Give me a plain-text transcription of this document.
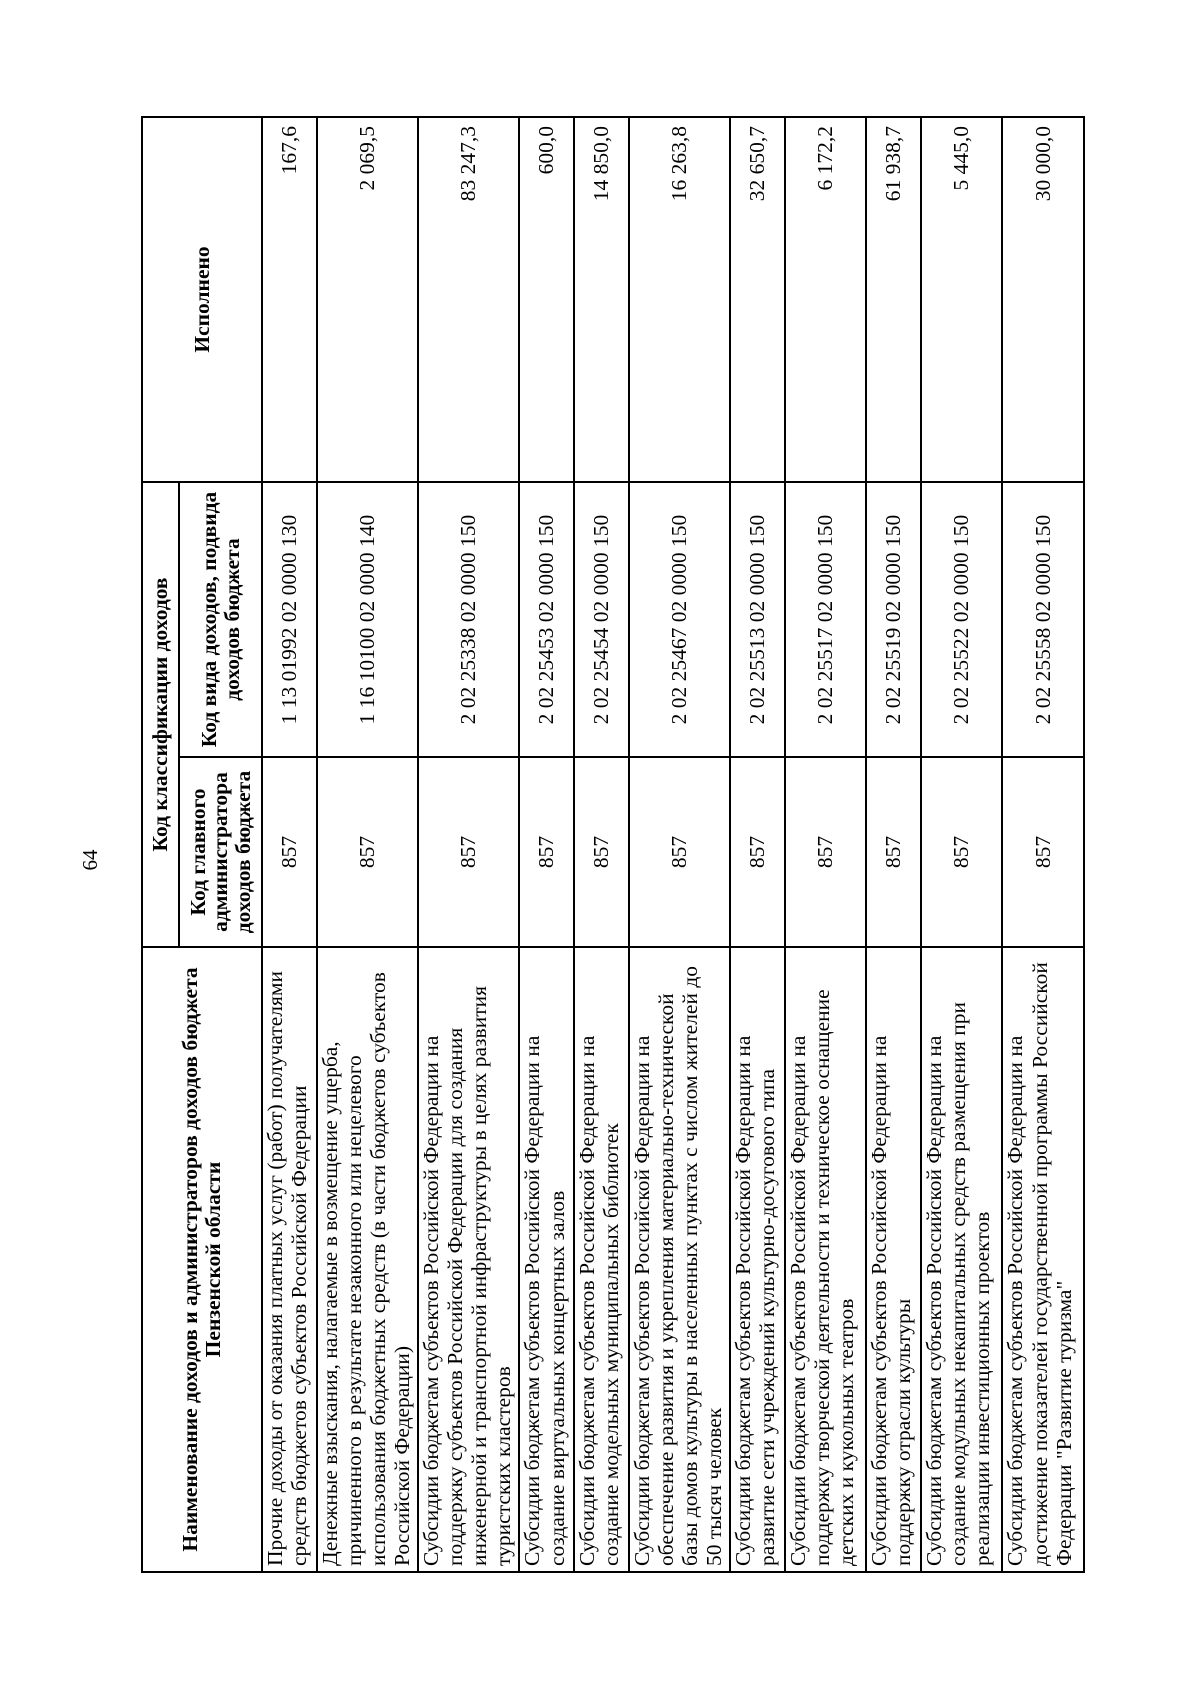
64
Наименование доходов и администраторов доходов бюджета Пензенской области	Код классификации доходов		Исполнено
	Код главного администратора доходов бюджета	Код вида доходов, подвида доходов бюджета	
Прочие доходы от оказания платных услуг (работ) получателями средств бюджетов субъектов Российской Федерации	857	1 13 01992 02 0000 130	167,6
Денежные взыскания, налагаемые в возмещение ущерба, причиненного в результате незаконного или нецелевого использования бюджетных средств (в части бюджетов субъектов Российской Федерации)	857	1 16 10100 02 0000 140	2 069,5
Субсидии бюджетам субъектов Российской Федерации на поддержку субъектов Российской Федерации для создания инженерной и транспортной инфраструктуры в целях развития туристских кластеров	857	2 02 25338 02 0000 150	83 247,3
Субсидии бюджетам субъектов Российской Федерации на создание виртуальных концертных залов	857	2 02 25453 02 0000 150	600,0
Субсидии бюджетам субъектов Российской Федерации на создание модельных муниципальных библиотек	857	2 02 25454 02 0000 150	14 850,0
Субсидии бюджетам субъектов Российской Федерации на обеспечение развития и укрепления материально-технической базы домов культуры в населенных пунктах с числом жителей до 50 тысяч человек	857	2 02 25467 02 0000 150	16 263,8
Субсидии бюджетам субъектов Российской Федерации на развитие сети учреждений культурно-досугового типа	857	2 02 25513 02 0000 150	32 650,7
Субсидии бюджетам субъектов Российской Федерации на поддержку творческой деятельности и техническое оснащение детских и кукольных театров	857	2 02 25517 02 0000 150	6 172,2
Субсидии бюджетам субъектов Российской Федерации на поддержку отрасли культуры	857	2 02 25519 02 0000 150	61 938,7
Субсидии бюджетам субъектов Российской Федерации на создание модульных некапитальных средств размещения при реализации инвестиционных проектов	857	2 02 25522 02 0000 150	5 445,0
Субсидии бюджетам субъектов Российской Федерации на достижение показателей государственной программы Российской Федерации "Развитие туризма"	857	2 02 25558 02 0000 150	30 000,0
